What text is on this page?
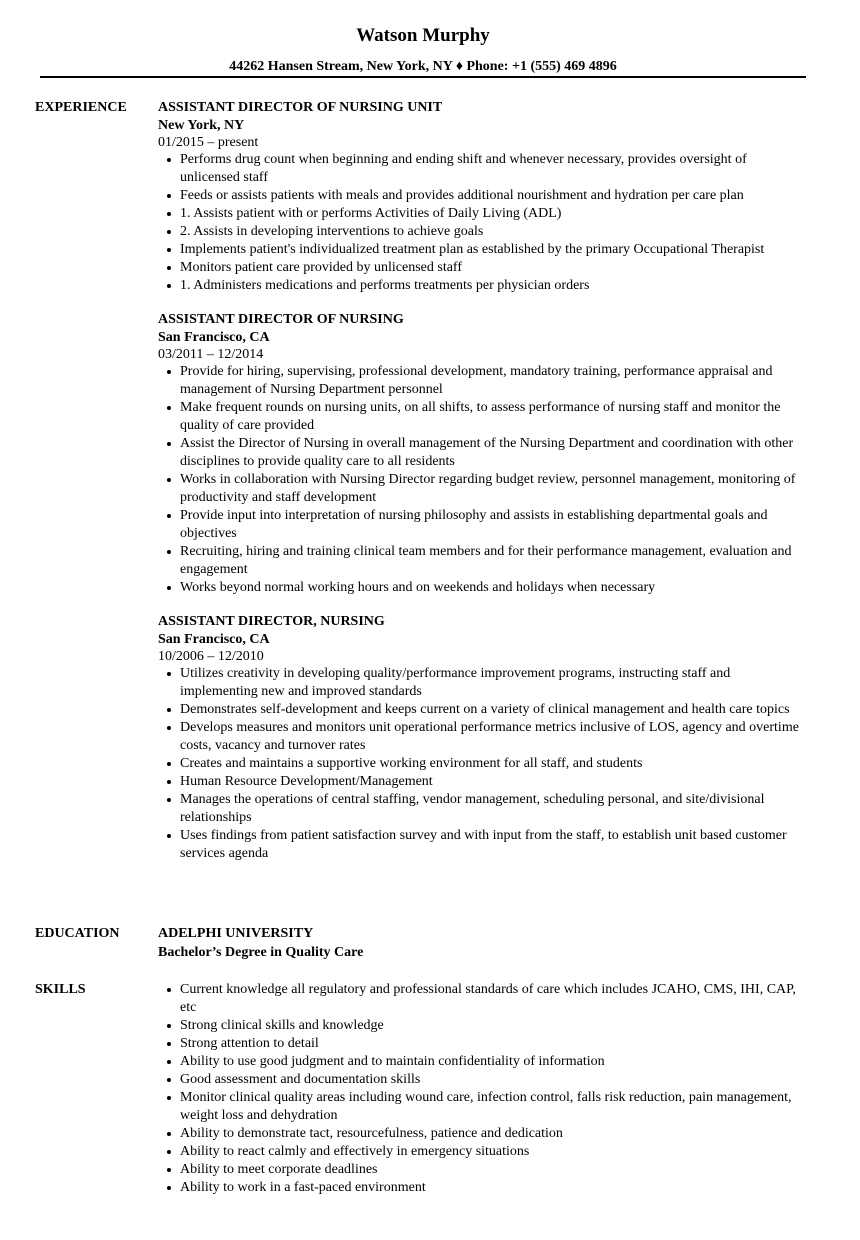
Watson Murphy
44262 Hansen Stream, New York, NY ♦ Phone: +1 (555) 469 4896
EXPERIENCE ASSISTANT DIRECTOR OF NURSING UNIT
New York, NY
01/2015 – present
Performs drug count when beginning and ending shift and whenever necessary, provides oversight of unlicensed staff
Feeds or assists patients with meals and provides additional nourishment and hydration per care plan
1. Assists patient with or performs Activities of Daily Living (ADL)
2. Assists in developing interventions to achieve goals
Implements patient's individualized treatment plan as established by the primary Occupational Therapist
Monitors patient care provided by unlicensed staff
1. Administers medications and performs treatments per physician orders
ASSISTANT DIRECTOR OF NURSING
San Francisco, CA
03/2011 – 12/2014
Provide for hiring, supervising, professional development, mandatory training, performance appraisal and management of Nursing Department personnel
Make frequent rounds on nursing units, on all shifts, to assess performance of nursing staff and monitor the quality of care provided
Assist the Director of Nursing in overall management of the Nursing Department and coordination with other disciplines to provide quality care to all residents
Works in collaboration with Nursing Director regarding budget review, personnel management, monitoring of productivity and staff development
Provide input into interpretation of nursing philosophy and assists in establishing departmental goals and objectives
Recruiting, hiring and training clinical team members and for their performance management, evaluation and engagement
Works beyond normal working hours and on weekends and holidays when necessary
ASSISTANT DIRECTOR, NURSING
San Francisco, CA
10/2006 – 12/2010
Utilizes creativity in developing quality/performance improvement programs, instructing staff and implementing new and improved standards
Demonstrates self-development and keeps current on a variety of clinical management and health care topics
Develops measures and monitors unit operational performance metrics inclusive of LOS, agency and overtime costs, vacancy and turnover rates
Creates and maintains a supportive working environment for all staff, and students
Human Resource Development/Management
Manages the operations of central staffing, vendor management, scheduling personal, and site/divisional relationships
Uses findings from patient satisfaction survey and with input from the staff, to establish unit based customer services agenda
EDUCATION	ADELPHI UNIVERSITY
Bachelor’s Degree in Quality Care
SKILLS	Current knowledge all regulatory and professional standards of care which includes JCAHO, CMS, IHI, CAP, etc
Strong clinical skills and knowledge
Strong attention to detail
Ability to use good judgment and to maintain confidentiality of information
Good assessment and documentation skills
Monitor clinical quality areas including wound care, infection control, falls risk reduction, pain management, weight loss and dehydration
Ability to demonstrate tact, resourcefulness, patience and dedication
Ability to react calmly and effectively in emergency situations
Ability to meet corporate deadlines
Ability to work in a fast-paced environment
